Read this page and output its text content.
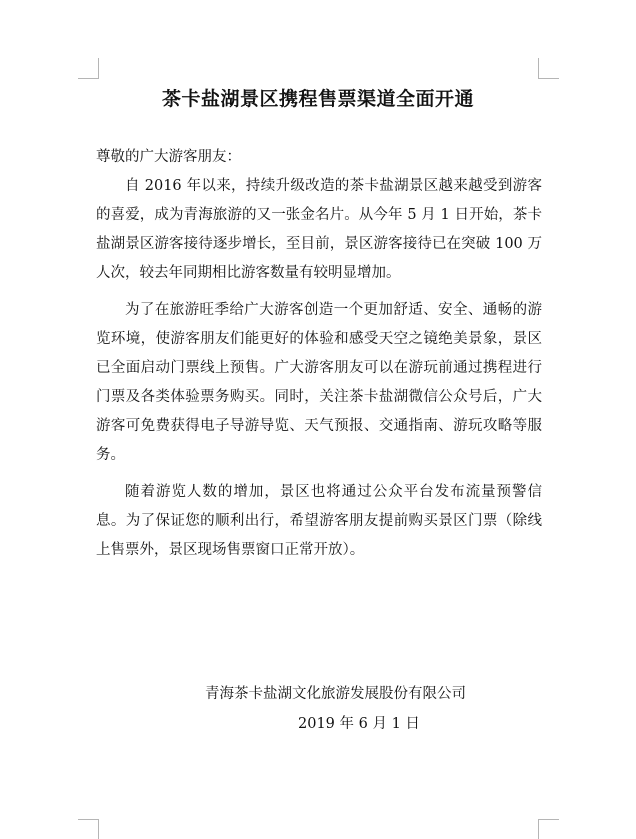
茶卡盐湖景区携程售票渠道全面开通

尊敬的广大游客朋友：

自 2016 年以来，持续升级改造的茶卡盐湖景区越来越受到游客的喜爱，成为青海旅游的又一张金名片。从今年 5 月 1 日开始，茶卡盐湖景区游客接待逐步增长，至目前，景区游客接待已在突破 100 万人次，较去年同期相比游客数量有较明显增加。

为了在旅游旺季给广大游客创造一个更加舒适、安全、通畅的游览环境，使游客朋友们能更好的体验和感受天空之镜绝美景象，景区已全面启动门票线上预售。广大游客朋友可以在游玩前通过携程进行门票及各类体验票务购买。同时，关注茶卡盐湖微信公众号后，广大游客可免费获得电子导游导览、天气预报、交通指南、游玩攻略等服务。

随着游览人数的增加，景区也将通过公众平台发布流量预警信息。为了保证您的顺利出行，希望游客朋友提前购买景区门票（除线上售票外，景区现场售票窗口正常开放）。

青海茶卡盐湖文化旅游发展股份有限公司
2019 年 6 月 1 日
